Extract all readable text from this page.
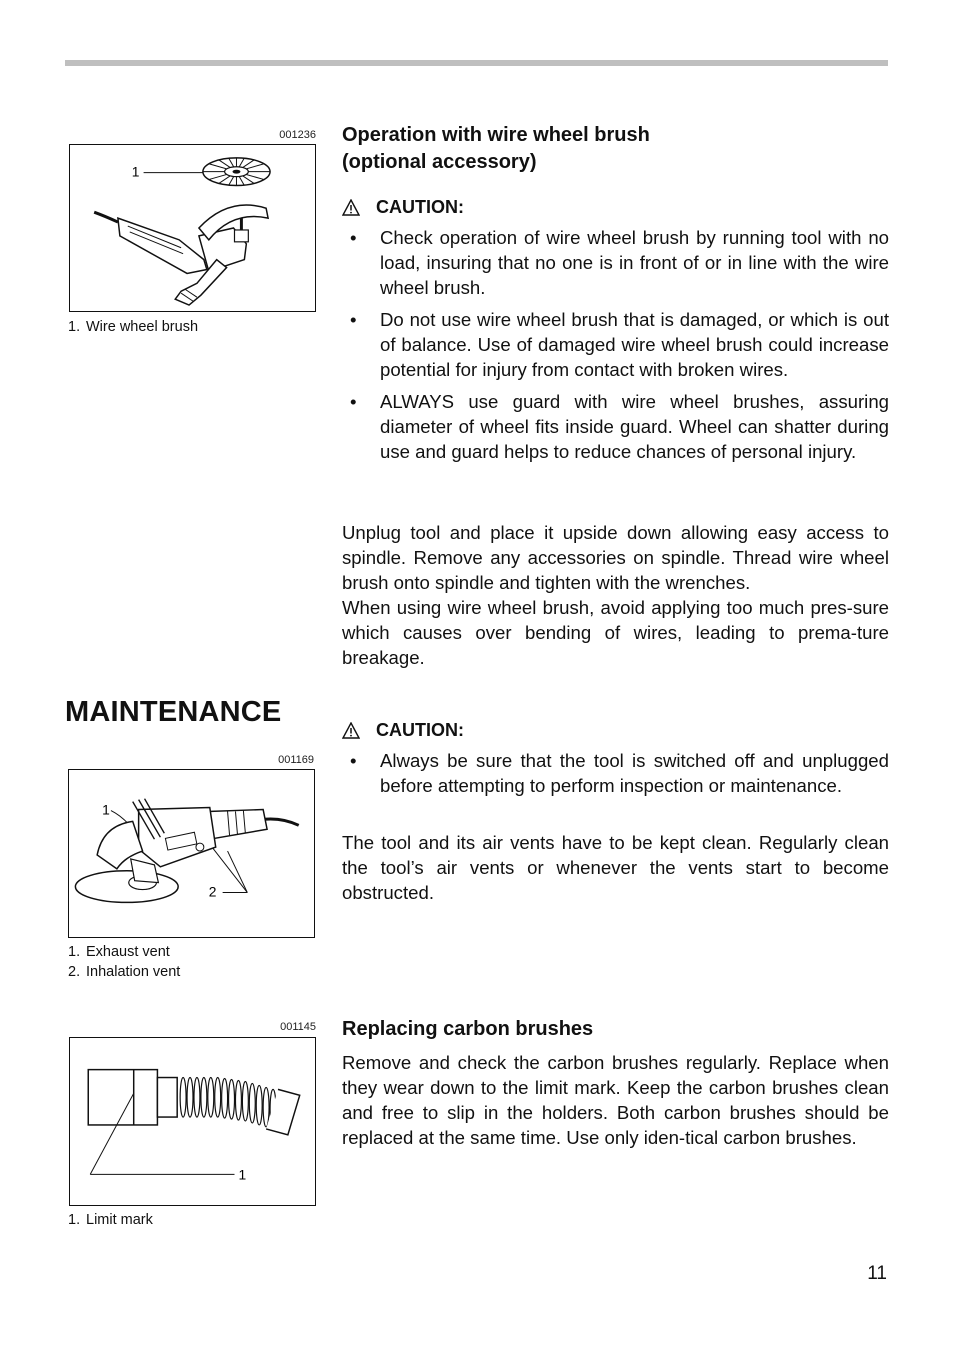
001236
1
1. Wire wheel brush
Operation with wire wheel brush
(optional accessory)
CAUTION:
• Check operation of wire wheel brush by running tool with no load, insuring that no one is in front of or in line with the wire wheel brush.
• Do not use wire wheel brush that is damaged, or which is out of balance. Use of damaged wire wheel brush could increase potential for injury from contact with broken wires.
• ALWAYS use guard with wire wheel brushes, assuring diameter of wheel fits inside guard. Wheel can shatter during use and guard helps to reduce chances of personal injury.

Unplug tool and place it upside down allowing easy access to spindle. Remove any accessories on spindle. Thread wire wheel brush onto spindle and tighten with the wrenches.

When using wire wheel brush, avoid applying too much pres-sure which causes over bending of wires, leading to prema-ture breakage.

MAINTENANCE
001169
1
2
1. Exhaust vent
2. Inhalation vent
CAUTION:
• Always be sure that the tool is switched off and unplugged before attempting to perform inspection or maintenance.

The tool and its air vents have to be kept clean. Regularly clean the tool’s air vents or whenever the vents start to become obstructed.

001145
1
1. Limit mark
Replacing carbon brushes

Remove and check the carbon brushes regularly. Replace when they wear down to the limit mark. Keep the carbon brushes clean and free to slip in the holders. Both carbon brushes should be replaced at the same time. Use only iden-tical carbon brushes.

11
